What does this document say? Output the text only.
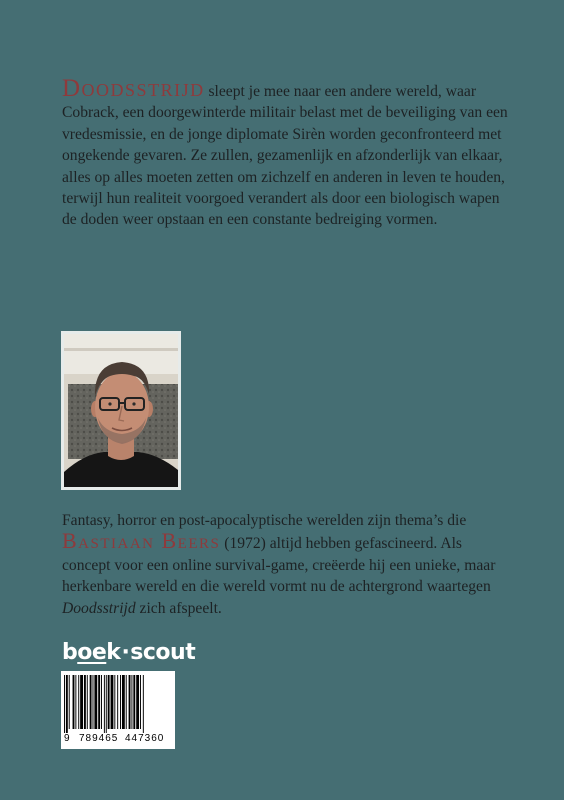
Doodsstrijd sleept je mee naar een andere wereld, waar Cobrack, een doorgewinterde militair belast met de beveiliging van een vredesmissie, en de jonge diplomate Sirèn worden geconfronteerd met ongekende gevaren. Ze zullen, gezamenlijk en afzonderlijk van elkaar, alles op alles moeten zetten om zichzelf en anderen in leven te houden, terwijl hun realiteit voorgoed verandert als door een biologisch wapen de doden weer opstaan en een constante bedreiging vormen.

Fantasy, horror en post-apocalyptische werelden zijn thema’s die Bastiaan Beers (1972) altijd hebben gefascineerd. Als concept voor een online survival-game, creëerde hij een unieke, maar herkenbare wereld en die wereld vormt nu de achtergrond waartegen Doodsstrijd zich afspeelt.

boek·scout
9 789465 447360
